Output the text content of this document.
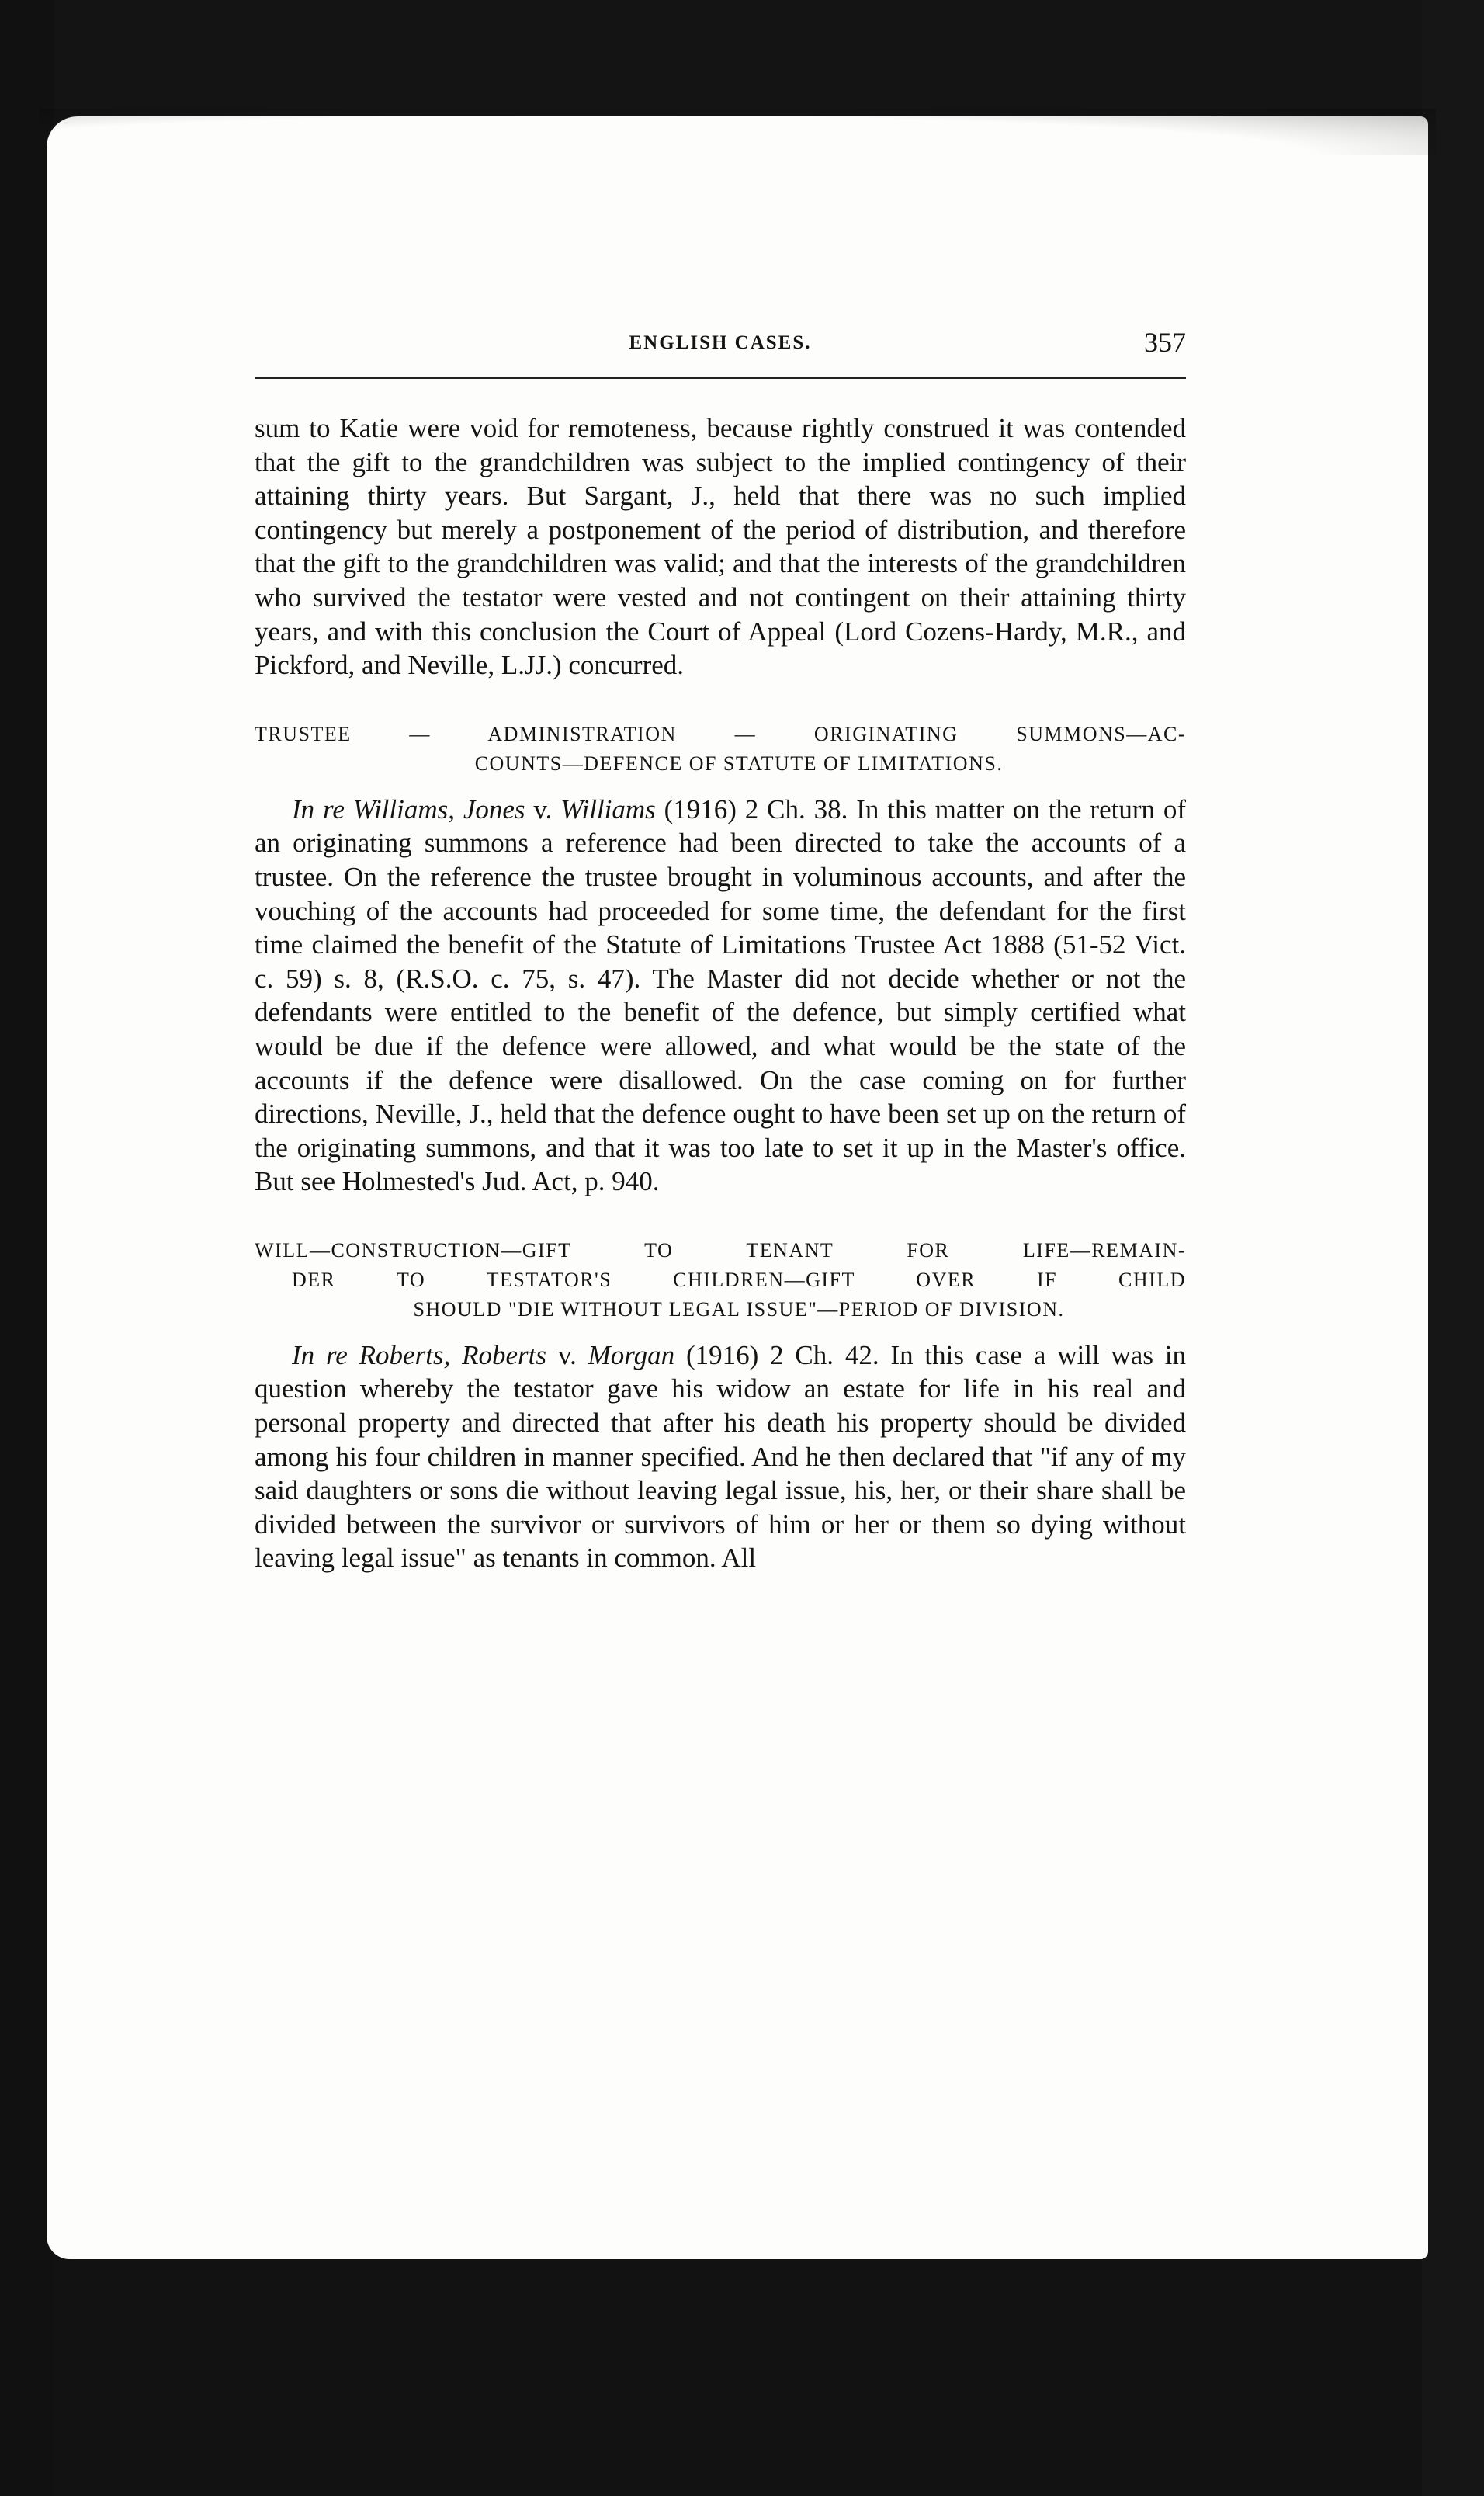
ENGLISH CASES.	357

sum to Katie were void for remoteness, because rightly construed it was contended that the gift to the grandchildren was subject to the implied contingency of their attaining thirty years. But Sargant, J., held that there was no such implied contingency but merely a postponement of the period of distribution, and therefore that the gift to the grandchildren was valid; and that the interests of the grandchildren who survived the testator were vested and not contingent on their attaining thirty years, and with this conclusion the Court of Appeal (Lord Cozens-Hardy, M.R., and Pickford, and Neville, L.JJ.) concurred.

TRUSTEE — ADMINISTRATION — ORIGINATING SUMMONS—AC-
COUNTS—DEFENCE OF STATUTE OF LIMITATIONS.

In re Williams, Jones v. Williams (1916) 2 Ch. 38. In this matter on the return of an originating summons a reference had been directed to take the accounts of a trustee. On the reference the trustee brought in voluminous accounts, and after the vouching of the accounts had proceeded for some time, the defendant for the first time claimed the benefit of the Statute of Limitations Trustee Act 1888 (51-52 Vict. c. 59) s. 8, (R.S.O. c. 75, s. 47). The Master did not decide whether or not the defendants were entitled to the benefit of the defence, but simply certified what would be due if the defence were allowed, and what would be the state of the accounts if the defence were disallowed. On the case coming on for further directions, Neville, J., held that the defence ought to have been set up on the return of the originating summons, and that it was too late to set it up in the Master's office. But see Holmested's Jud. Act, p. 940.

WILL—CONSTRUCTION—GIFT TO TENANT FOR LIFE—REMAIN-
DER TO TESTATOR'S CHILDREN—GIFT OVER IF CHILD
SHOULD "DIE WITHOUT LEGAL ISSUE"—PERIOD OF DIVISION.

In re Roberts, Roberts v. Morgan (1916) 2 Ch. 42. In this case a will was in question whereby the testator gave his widow an estate for life in his real and personal property and directed that after his death his property should be divided among his four children in manner specified. And he then declared that "if any of my said daughters or sons die without leaving legal issue, his, her, or their share shall be divided between the survivor or survivors of him or her or them so dying without leaving legal issue" as tenants in common. All
